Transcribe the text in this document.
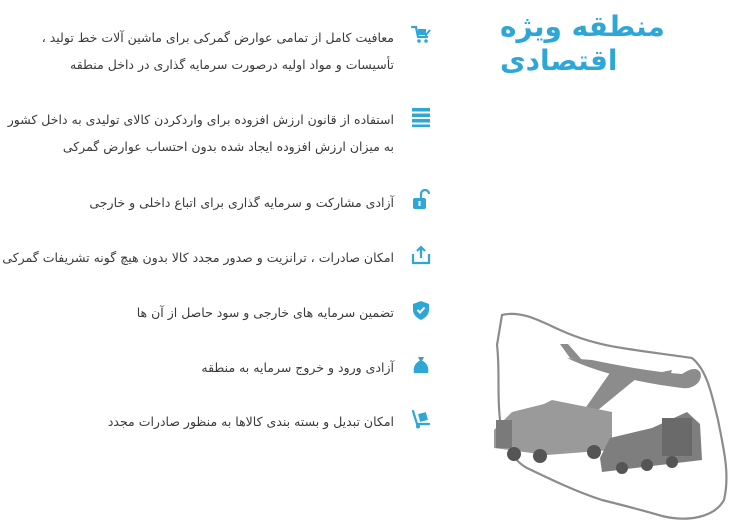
منطقه ویژه
اقتصادی
معافیت کامل از تمامی عوارض گمرکی برای ماشین آلات خط تولید ،
تأسیسات و مواد اولیه درصورت سرمایه گذاری در داخل منطقه
استفاده از قانون ارزش افزوده برای واردکردن کالای تولیدی به داخل کشور
به میزان ارزش افزوده ایجاد شده بدون احتساب عوارض گمرکی
آزادی مشارکت و سرمایه گذاری برای اتباع داخلی و خارجی
امکان صادرات ، ترانزیت و صدور مجدد کالا بدون هیچ گونه تشریفات گمرکی
تضمین سرمایه های خارجی و سود حاصل از آن ها
آزادی ورود و خروج سرمایه به منطقه
امکان تبدیل و بسته بندی کالاها به منظور صادرات مجدد
